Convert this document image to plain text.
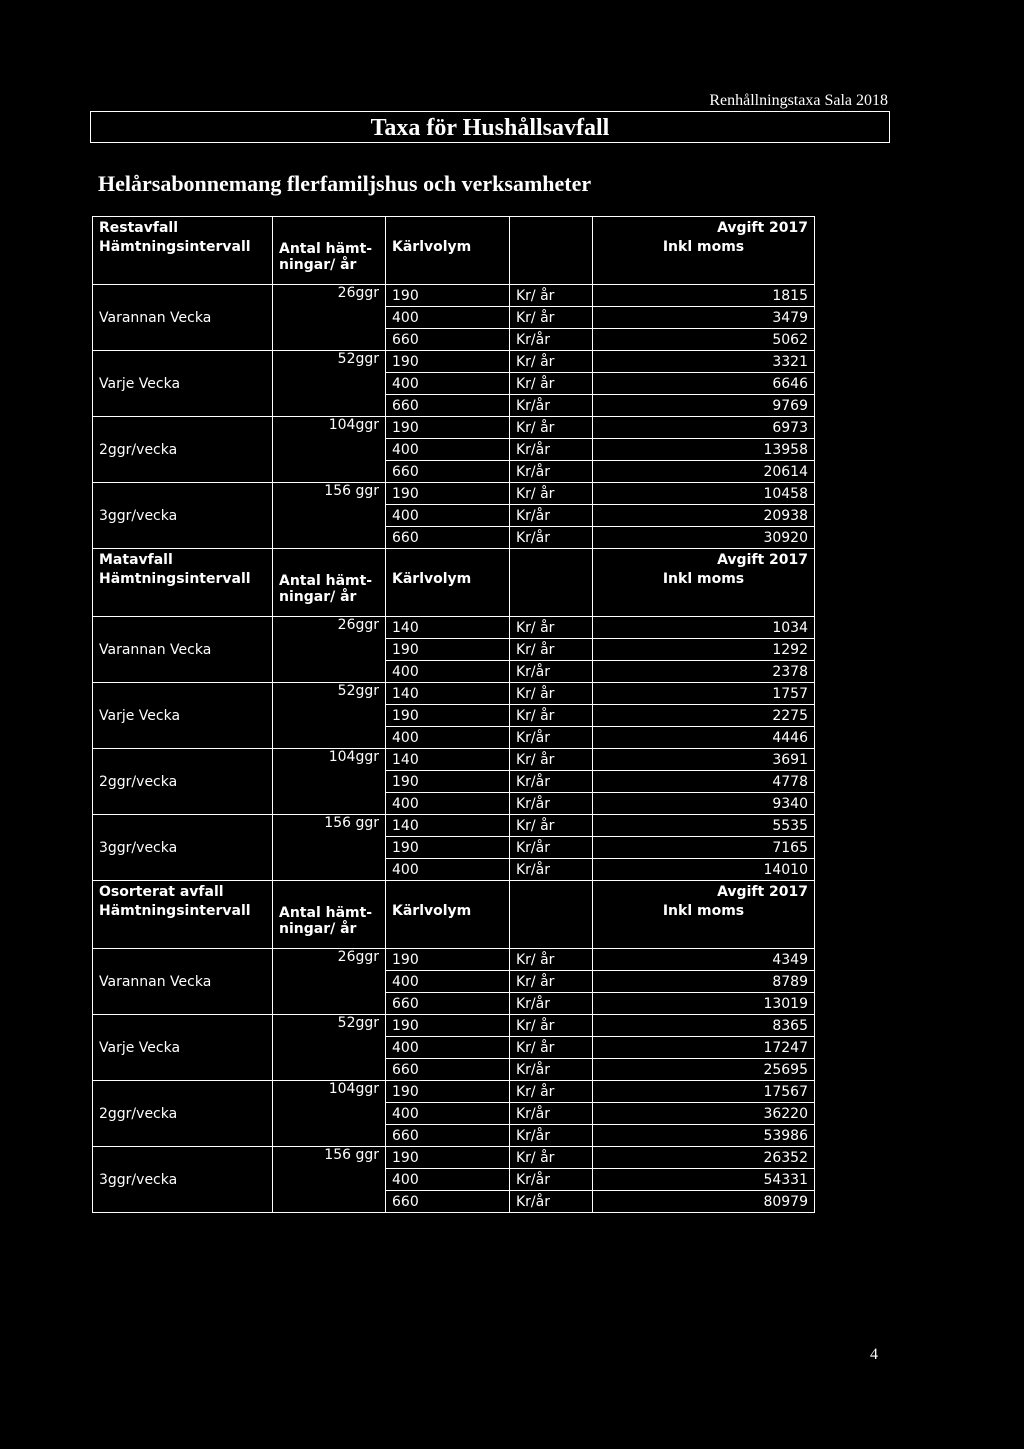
Renhållningstaxa Sala 2018
Taxa för Hushållsavfall
Helårsabonnemang flerfamiljshus och verksamheter
Restavfall				Avgift 2017
Hämtningsintervall	Antal hämt- ningar/ år	Kärlvolym		Inkl moms
Varannan Vecka	26ggr	190	Kr/ år	1815
		400	Kr/ år	3479
		660	Kr/år	5062
Varje Vecka	52ggr	190	Kr/ år	3321
		400	Kr/ år	6646
		660	Kr/år	9769
2ggr/vecka	104ggr	190	Kr/ år	6973
		400	Kr/år	13958
		660	Kr/år	20614
3ggr/vecka	156 ggr	190	Kr/ år	10458
		400	Kr/år	20938
		660	Kr/år	30920
Matavfall				Avgift 2017
Hämtningsintervall	Antal hämt- ningar/ år	Kärlvolym		Inkl moms
Varannan Vecka	26ggr	140	Kr/ år	1034
		190	Kr/ år	1292
		400	Kr/år	2378
Varje Vecka	52ggr	140	Kr/ år	1757
		190	Kr/ år	2275
		400	Kr/år	4446
2ggr/vecka	104ggr	140	Kr/ år	3691
		190	Kr/år	4778
		400	Kr/år	9340
3ggr/vecka	156 ggr	140	Kr/ år	5535
		190	Kr/år	7165
		400	Kr/år	14010
Osorterat avfall				Avgift 2017
Hämtningsintervall	Antal hämt- ningar/ år	Kärlvolym		Inkl moms
Varannan Vecka	26ggr	190	Kr/ år	4349
		400	Kr/ år	8789
		660	Kr/år	13019
Varje Vecka	52ggr	190	Kr/ år	8365
		400	Kr/ år	17247
		660	Kr/år	25695
2ggr/vecka	104ggr	190	Kr/ år	17567
		400	Kr/år	36220
		660	Kr/år	53986
3ggr/vecka	156 ggr	190	Kr/ år	26352
		400	Kr/år	54331
		660	Kr/år	80979
4
